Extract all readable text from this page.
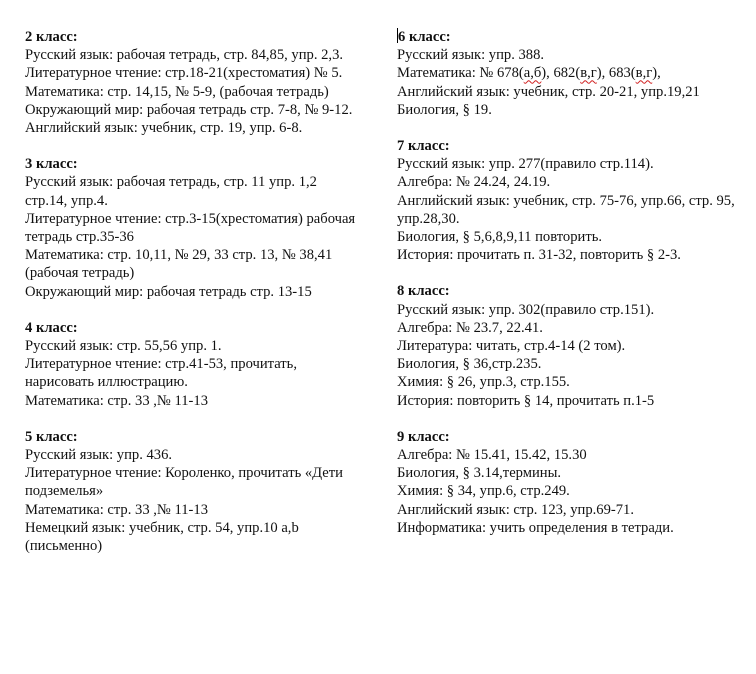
2 класс:
Русский язык: рабочая тетрадь, стр. 84,85, упр. 2,3.
Литературное чтение: стр.18-21(хрестоматия) № 5.
Математика: стр. 14,15, № 5-9, (рабочая тетрадь)
Окружающий мир: рабочая тетрадь стр. 7-8, № 9-12.
Английский язык: учебник, стр. 19, упр. 6-8.
3 класс:
Русский язык: рабочая тетрадь, стр. 11 упр. 1,2 стр.14, упр.4.
Литературное чтение: стр.3-15(хрестоматия) рабочая тетрадь стр.35-36
Математика: стр. 10,11, № 29, 33 стр. 13, № 38,41 (рабочая тетрадь)
Окружающий мир: рабочая тетрадь стр. 13-15
4 класс:
Русский язык: стр. 55,56 упр. 1.
Литературное чтение: стр.41-53, прочитать, нарисовать иллюстрацию.
Математика: стр. 33 ,№ 11-13
5 класс:
Русский язык: упр. 436.
Литературное чтение: Короленко, прочитать «Дети подземелья»
Математика: стр. 33 ,№ 11-13
Немецкий язык: учебник, стр. 54, упр.10 a,b (письменно)
6 класс:
Русский язык: упр. 388.
Математика: № 678(а,б), 682(в,г), 683(в,г),
Английский язык: учебник, стр. 20-21, упр.19,21
Биология, § 19.
7 класс:
Русский язык: упр. 277(правило стр.114).
Алгебра: № 24.24, 24.19.
Английский язык: учебник, стр. 75-76, упр.66, стр. 95, упр.28,30.
Биология, § 5,6,8,9,11 повторить.
История: прочитать п. 31-32, повторить § 2-3.
8 класс:
Русский язык: упр. 302(правило стр.151).
Алгебра: № 23.7, 22.41.
Литература: читать, стр.4-14 (2 том).
Биология, § 36,стр.235.
Химия: § 26, упр.3, стр.155.
История: повторить § 14, прочитать п.1-5
9 класс:
Алгебра: № 15.41, 15.42, 15.30
Биология, § 3.14,термины.
Химия: § 34, упр.6, стр.249.
Английский язык: стр. 123, упр.69-71.
Информатика: учить определения в тетради.
